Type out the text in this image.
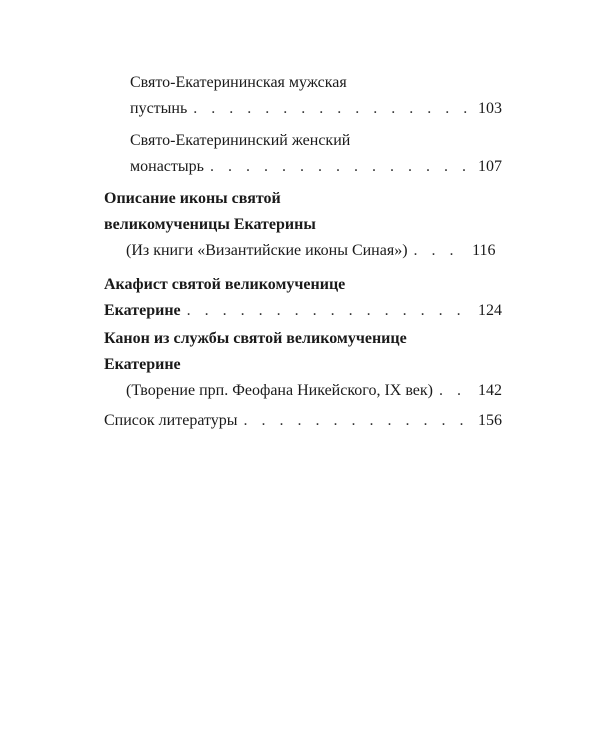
Свято-Екатерининская мужская
пустынь . . .	103
Свято-Екатерининский женский
монастырь . . .	107
Описание иконы святой
великомученицы Екатерины
(Из книги «Византийские иконы Синая») . . .	116
Акафист святой великомученице
Екатерине . . .	124
Канон из службы святой великомученице
Екатерине
(Творение прп. Феофана Никейского, IX век) . . .	142
Список литературы . . .	156
